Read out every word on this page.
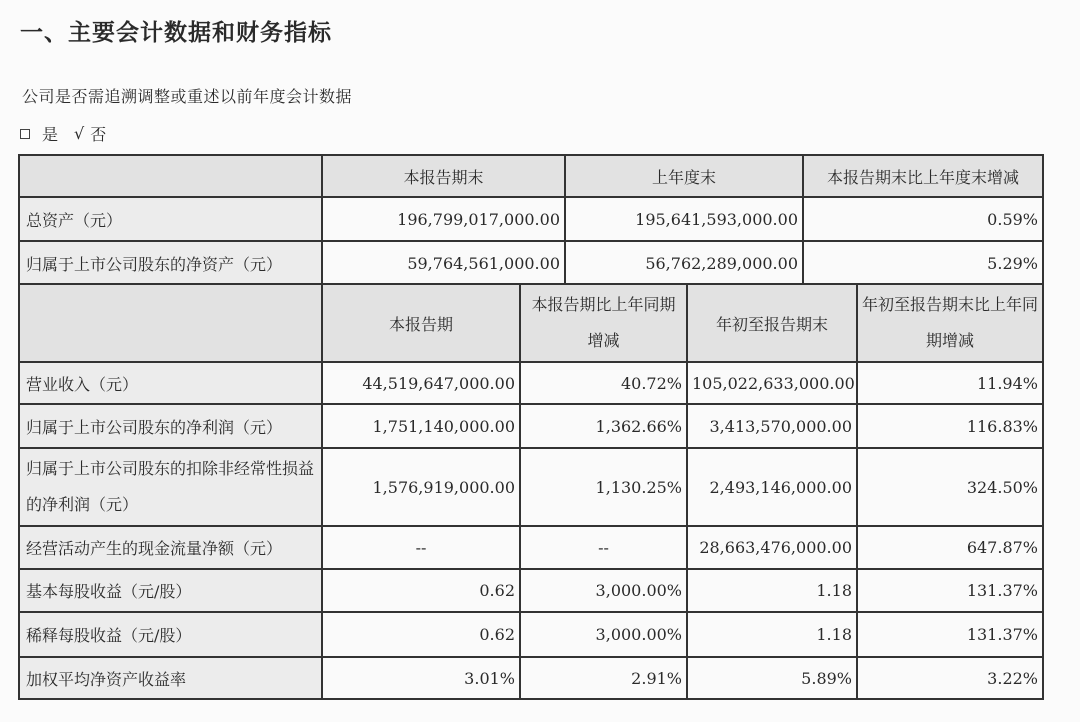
一、主要会计数据和财务指标
公司是否需追溯调整或重述以前年度会计数据
是 √ 否
	本报告期末	上年度末	本报告期末比上年度末增减
总资产（元）	196,799,017,000.00	195,641,593,000.00	0.59%
归属于上市公司股东的净资产（元）	59,764,561,000.00	56,762,289,000.00	5.29%
	本报告期	本报告期比上年同期增减	年初至报告期末	年初至报告期末比上年同期增减
营业收入（元）	44,519,647,000.00	40.72%	105,022,633,000.00	11.94%
归属于上市公司股东的净利润（元）	1,751,140,000.00	1,362.66%	3,413,570,000.00	116.83%
归属于上市公司股东的扣除非经常性损益的净利润（元）	1,576,919,000.00	1,130.25%	2,493,146,000.00	324.50%
经营活动产生的现金流量净额（元）	--	--	28,663,476,000.00	647.87%
基本每股收益（元/股）	0.62	3,000.00%	1.18	131.37%
稀释每股收益（元/股）	0.62	3,000.00%	1.18	131.37%
加权平均净资产收益率	3.01%	2.91%	5.89%	3.22%
